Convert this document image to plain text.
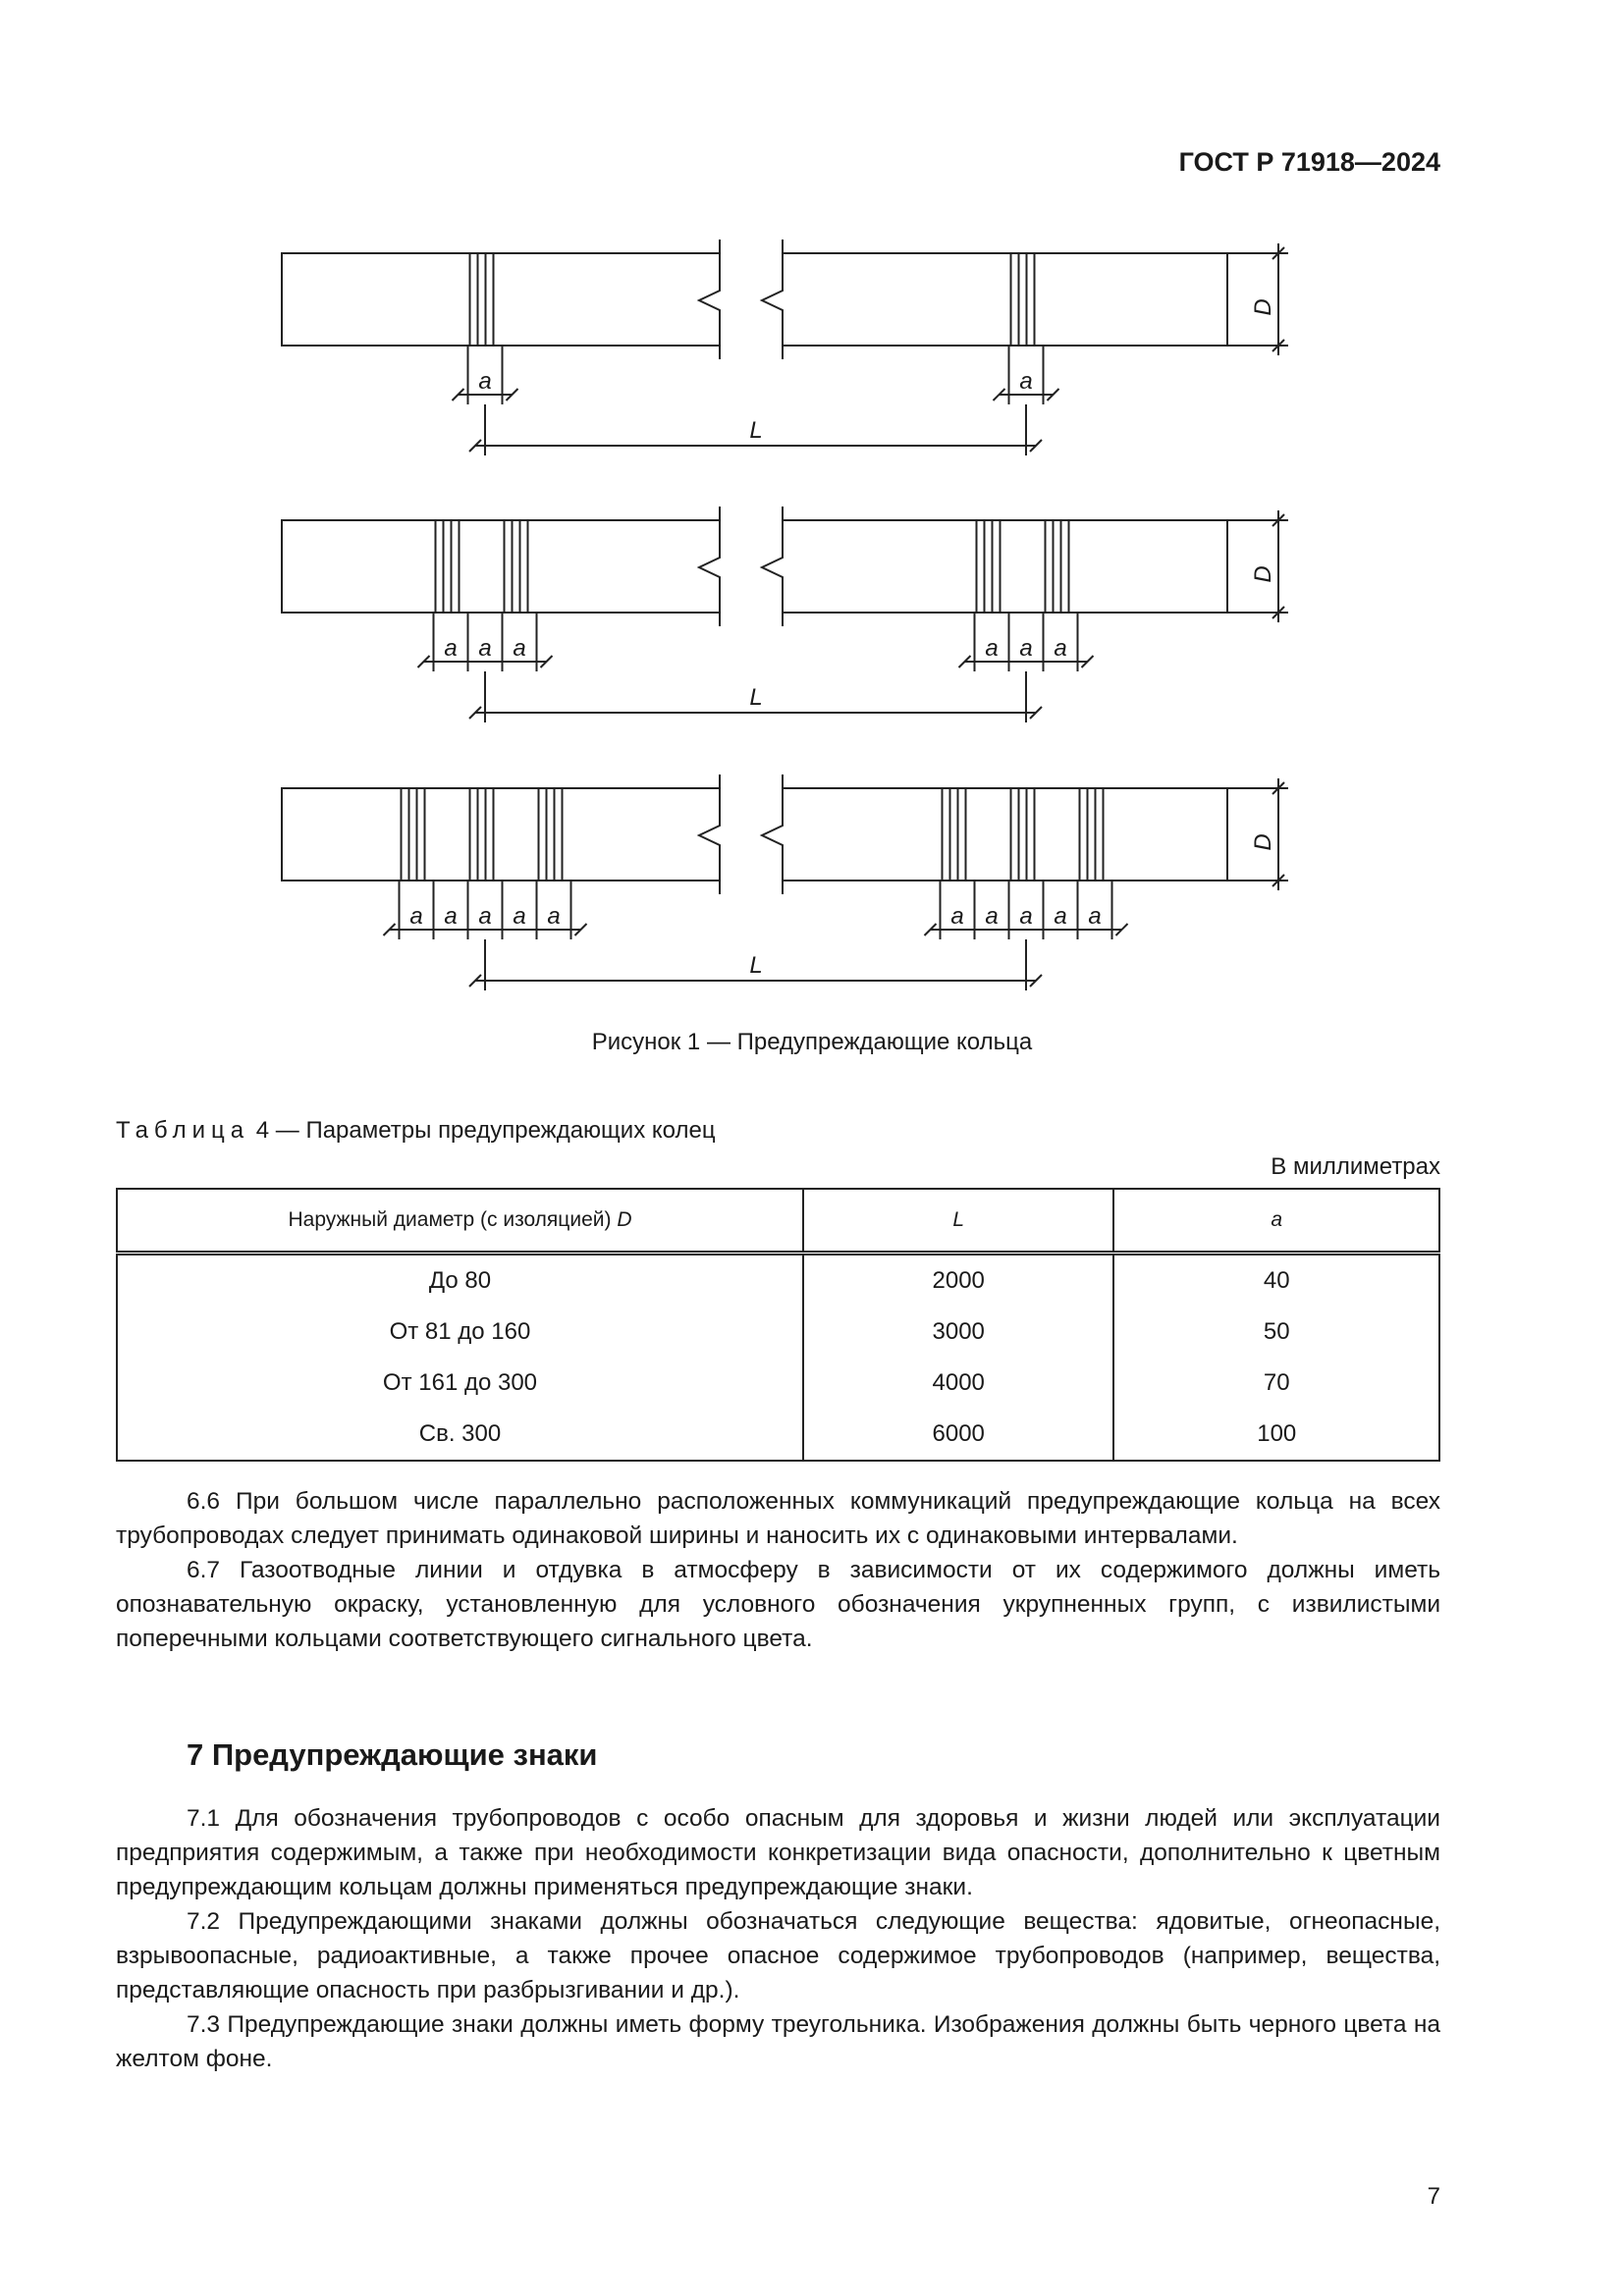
ГОСТ Р 71918—2024
D
a	a
L
D
a a a	a a a
L
D
a a a a a	a a a a a
L
Рисунок 1 — Предупреждающие кольца
Таблица 4 — Параметры предупреждающих колец
В миллиметрах
Наружный диаметр (с изоляцией) D	L	a
До 80	2000	40
От 81 до 160	3000	50
От 161 до 300	4000	70
Св. 300	6000	100

6.6 При большом числе параллельно расположенных коммуникаций предупреждающие кольца на всех трубопроводах следует принимать одинаковой ширины и наносить их с одинаковыми интервалами.

6.7 Газоотводные линии и отдувка в атмосферу в зависимости от их содержимого должны иметь опознавательную окраску, установленную для условного обозначения укрупненных групп, с извилистыми поперечными кольцами соответствующего сигнального цвета.

7 Предупреждающие знаки

7.1 Для обозначения трубопроводов с особо опасным для здоровья и жизни людей или эксплуатации предприятия содержимым, а также при необходимости конкретизации вида опасности, дополнительно к цветным предупреждающим кольцам должны применяться предупреждающие знаки.

7.2 Предупреждающими знаками должны обозначаться следующие вещества: ядовитые, огнеопасные, взрывоопасные, радиоактивные, а также прочее опасное содержимое трубопроводов (например, вещества, представляющие опасность при разбрызгивании и др.).

7.3 Предупреждающие знаки должны иметь форму треугольника. Изображения должны быть черного цвета на желтом фоне.

7
